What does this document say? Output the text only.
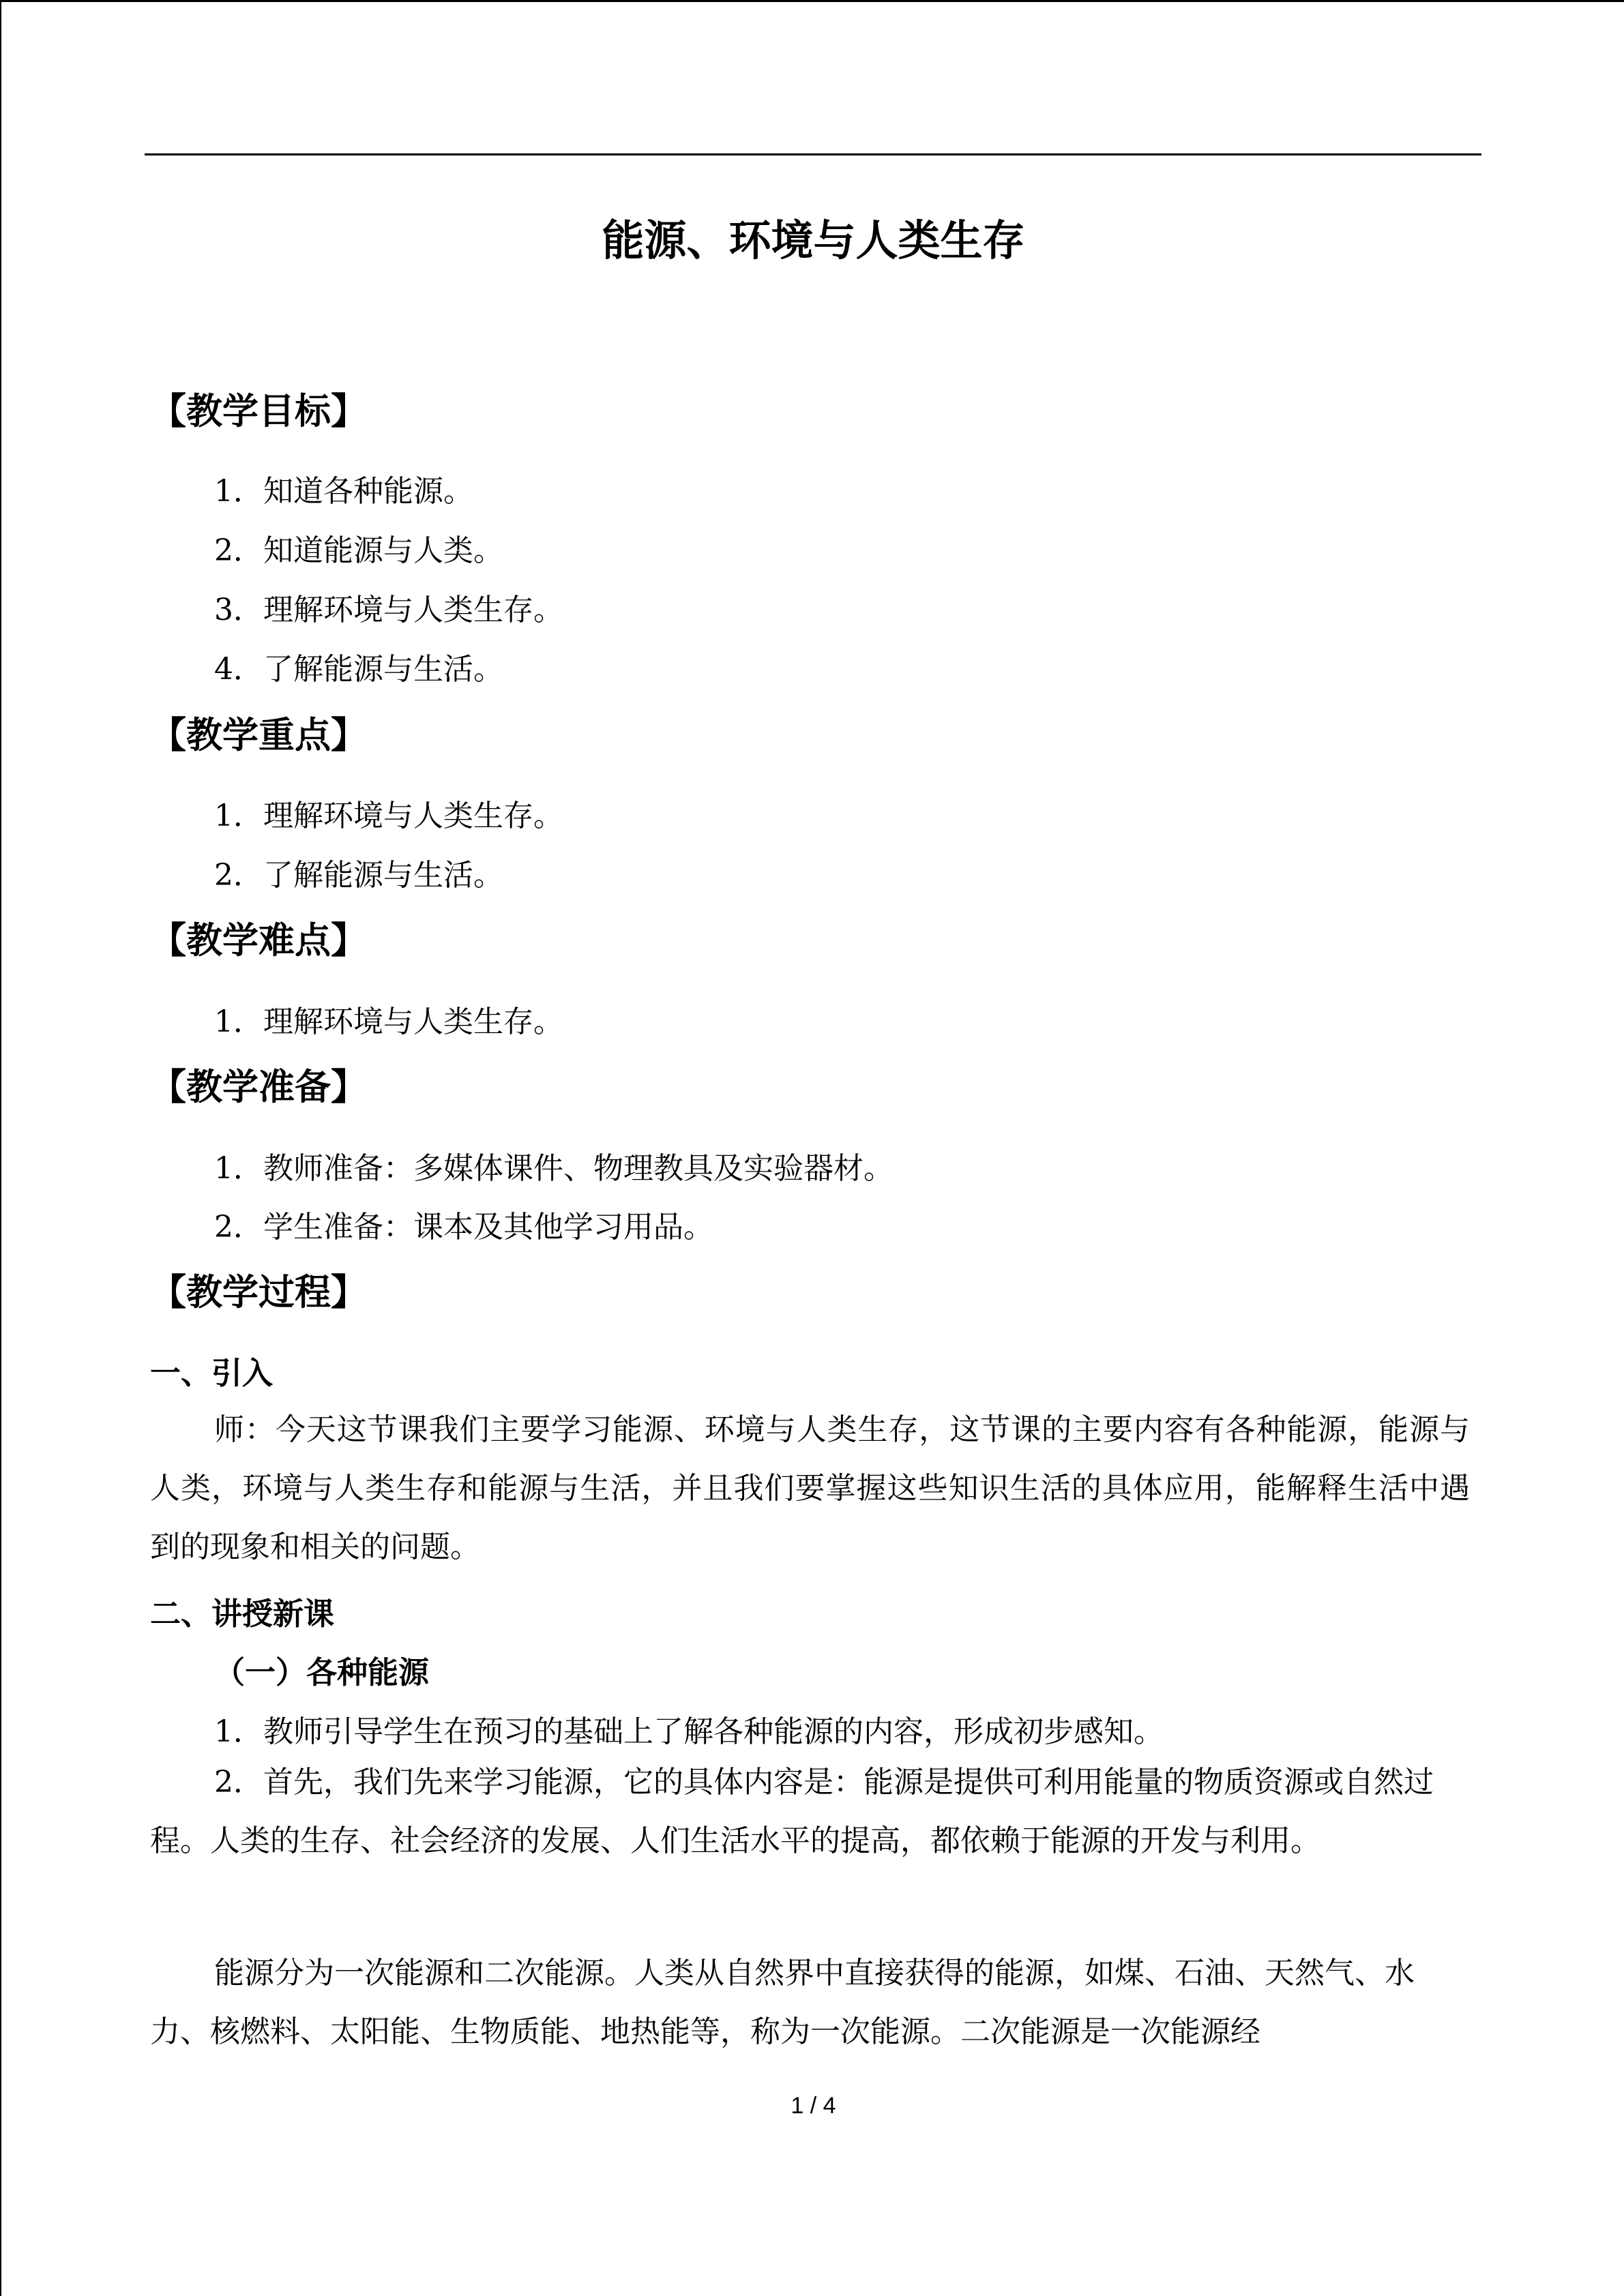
能源、环境与人类生存
【教学目标】
1．知道各种能源。
2．知道能源与人类。
3．理解环境与人类生存。
4．了解能源与生活。
【教学重点】
1．理解环境与人类生存。
2．了解能源与生活。
【教学难点】
1．理解环境与人类生存。
【教学准备】
1．教师准备：多媒体课件、物理教具及实验器材。
2．学生准备：课本及其他学习用品。
【教学过程】
一、引入
师：今天这节课我们主要学习能源、环境与人类生存，这节课的主要内容有各种能源，能源与人类，环境与人类生存和能源与生活，并且我们要掌握这些知识生活的具体应用，能解释生活中遇到的现象和相关的问题。
二、讲授新课
（一）各种能源
1．教师引导学生在预习的基础上了解各种能源的内容，形成初步感知。
2．首先，我们先来学习能源，它的具体内容是：能源是提供可利用能量的物质资源或自然过程。人类的生存、社会经济的发展、人们生活水平的提高，都依赖于能源的开发与利用。
能源分为一次能源和二次能源。人类从自然界中直接获得的能源，如煤、石油、天然气、水力、核燃料、太阳能、生物质能、地热能等，称为一次能源。二次能源是一次能源经
1 / 4
